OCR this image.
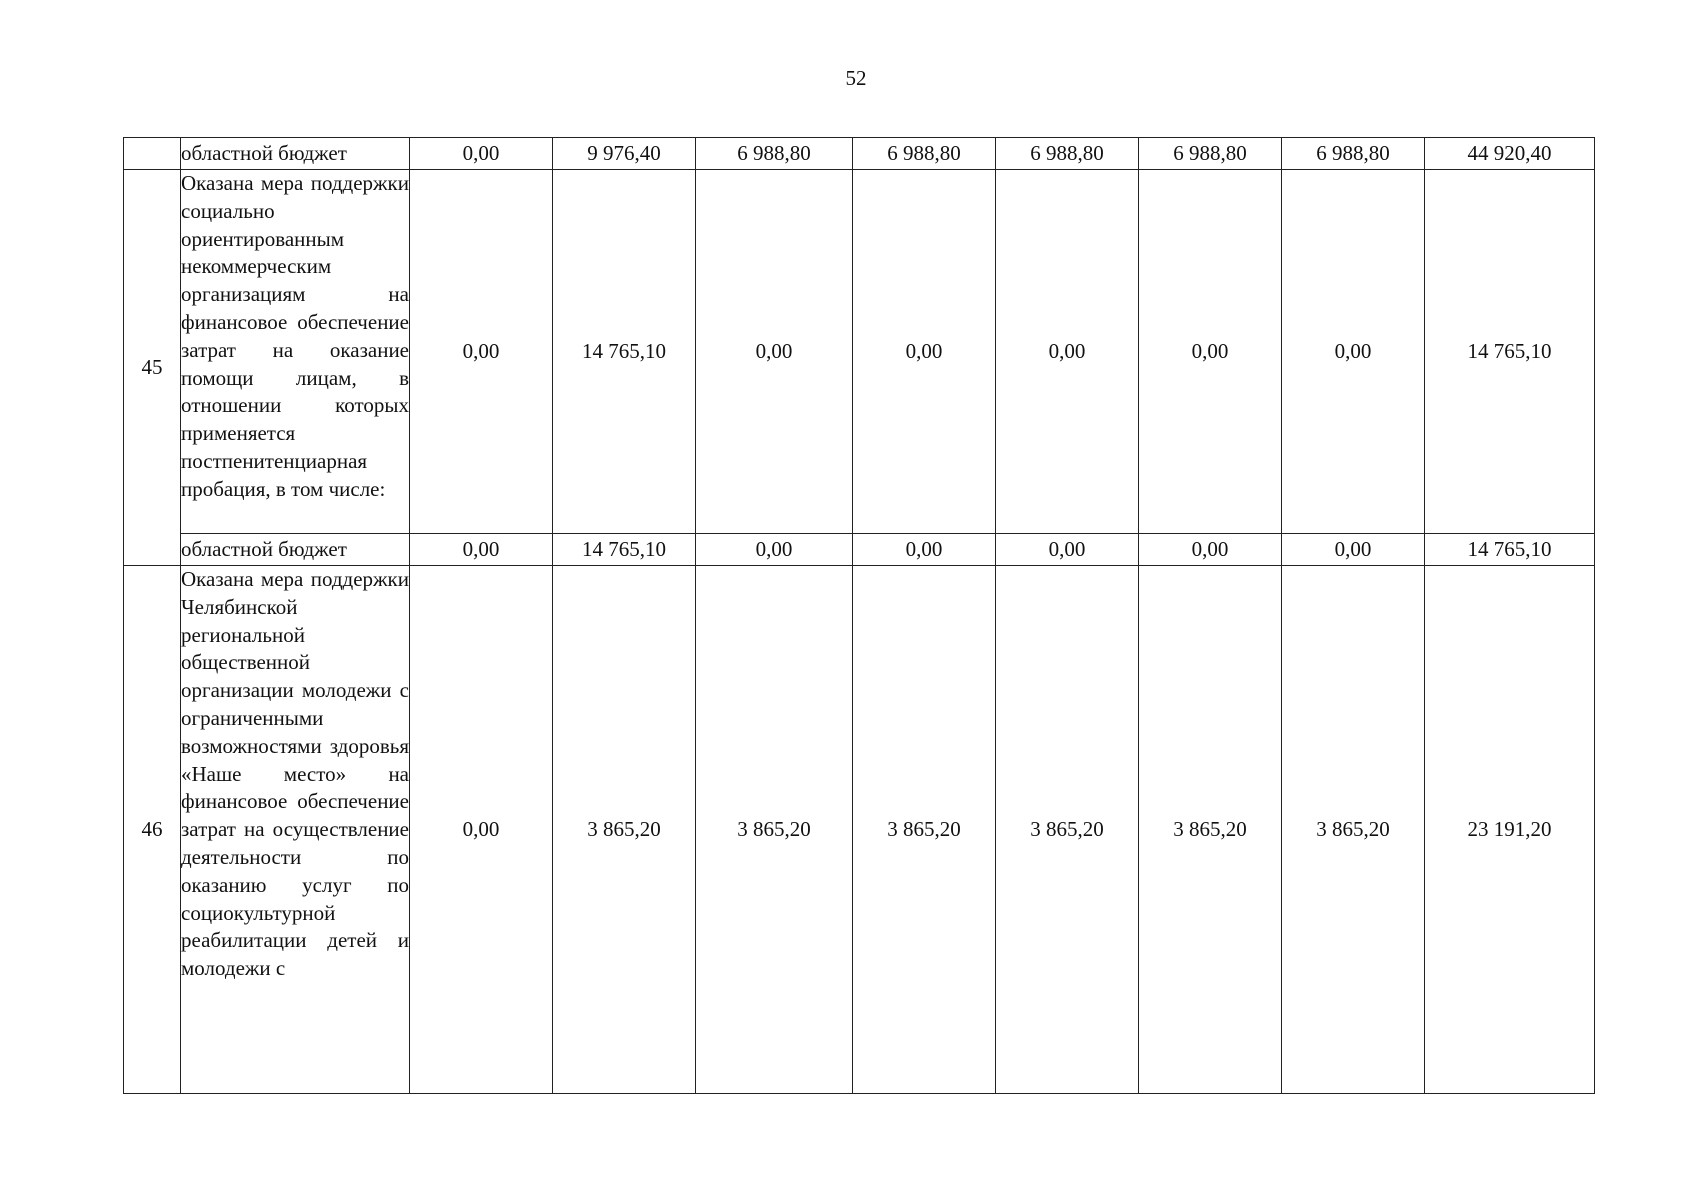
52
	областной бюджет	0,00	9 976,40	6 988,80	6 988,80	6 988,80	6 988,80	6 988,80	44 920,40
45	Оказана мера поддержки социально ориентированным некоммерческим организациям на финансовое обеспечение затрат на оказание помощи лицам, в отношении которых применяется постпенитенциарная пробация, в том числе:	0,00	14 765,10	0,00	0,00	0,00	0,00	0,00	14 765,10
	областной бюджет	0,00	14 765,10	0,00	0,00	0,00	0,00	0,00	14 765,10
46	Оказана мера поддержки Челябинской региональной общественной организации молодежи с ограниченными возможностями здоровья «Наше место» на финансовое обеспечение затрат на осуществление деятельности по оказанию услуг по социокультурной реабилитации детей и молодежи с	0,00	3 865,20	3 865,20	3 865,20	3 865,20	3 865,20	3 865,20	23 191,20
